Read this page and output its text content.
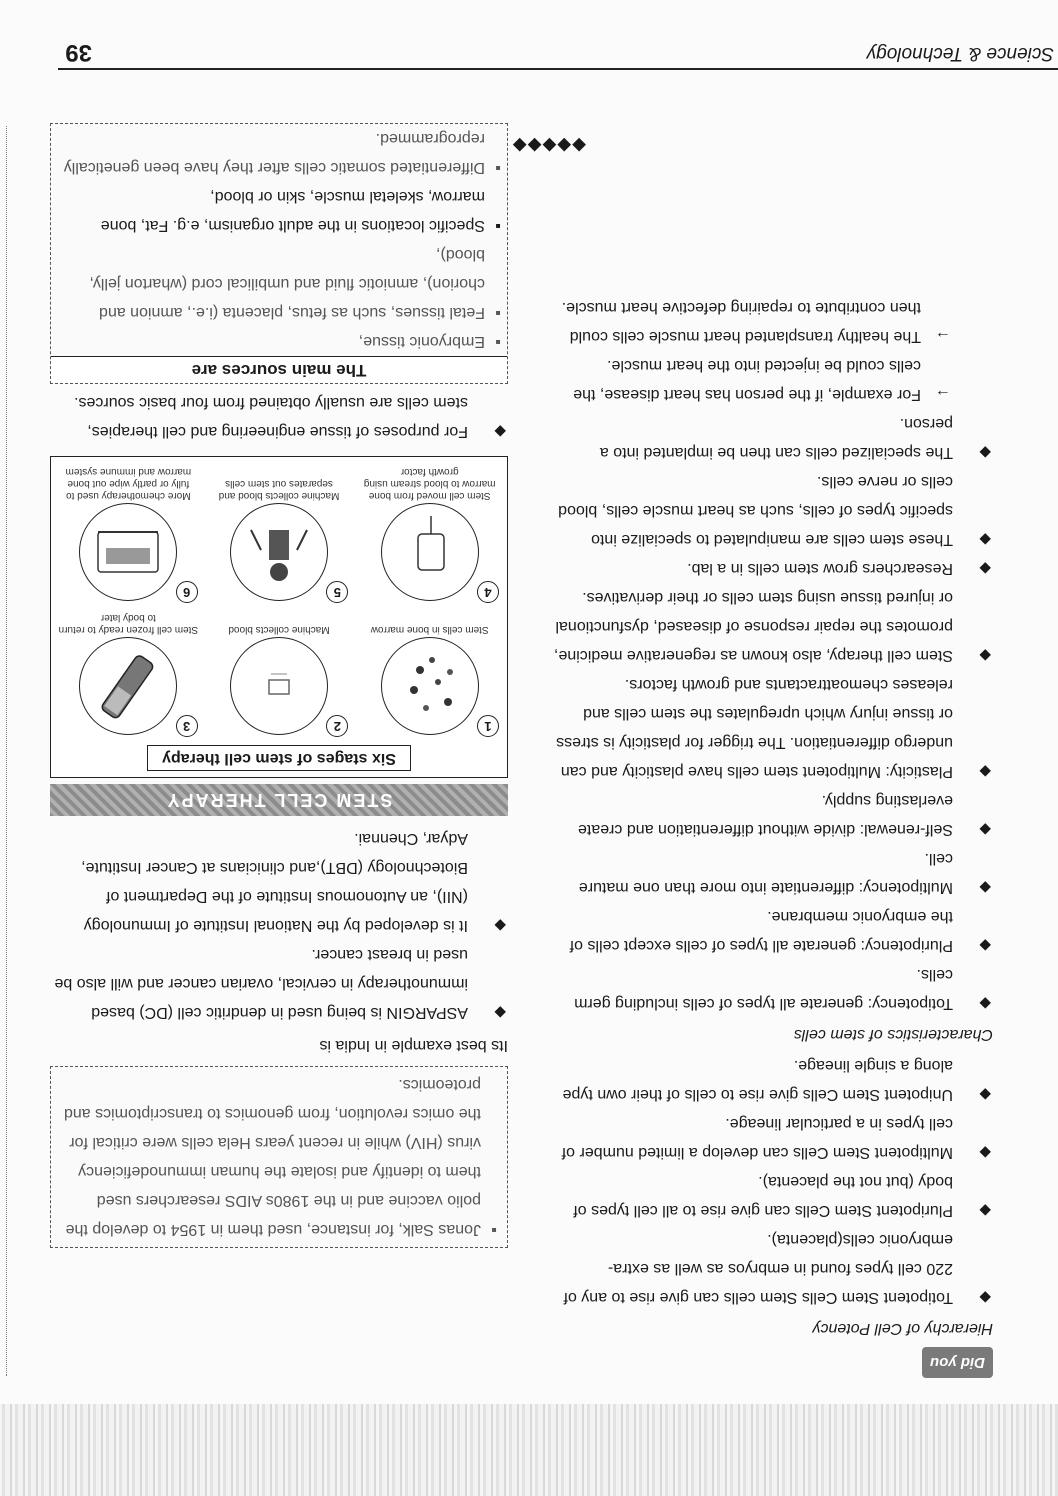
Did you
Hierarchy of Cell Potency
◆ Totipotent Stem Cells Stem cells can give rise to any of 220 cell types found in embryos as well as extra-embryonic cells(placenta).
◆ Pluripotent Stem Cells can give rise to all cell types of body (but not the placenta).
◆ Multipotent Stem Cells can develop a limited number of cell types in a particular lineage.
◆ Unipotent Stem Cells give rise to cells of their own type along a single lineage.
Characteristics of stem cells
◆ Totipotency: generate all types of cells including germ cells.
◆ Pluripotency: generate all types of cells except cells of the embryonic membrane.
◆ Multipotency: differentiate into more than one mature cell.
◆ Self-renewal: divide without differentiation and create everlasting supply.
◆ Plasticity: Multipotent stem cells have plasticity and can undergo differentiation. The trigger for plasticity is stress or tissue injury which upregulates the stem cells and releases chemoattractants and growth factors.
◆ Stem cell therapy, also known as regenerative medicine, promotes the repair response of diseased, dysfunctional or injured tissue using stem cells or their derivatives.
◆ Researchers grow stem cells in a lab.
◆ These stem cells are manipulated to specialize into specific types of cells, such as heart muscle cells, blood cells or nerve cells.
◆ The specialized cells can then be implanted into a person.
→ For example, if the person has heart disease, the cells could be injected into the heart muscle.
→ The healthy transplanted heart muscle cells could then contribute to repairing defective heart muscle.
▪ Jonas Salk, for instance, used them in 1954 to develop the polio vaccine and in the 1980s AIDS researchers used them to identify and isolate the human immunodeficiency virus (HIV) while in recent years Hela cells were critical for the omics revolution, from genomics to transcriptomics and proteomics.
Its best example in India is
◆ ASPARGIN is being used in dendritic cell (DC) based immunotherapy in cervical, ovarian cancer and will also be used in breast cancer.
◆ It is developed by the National Institute of Immunology (NII), an Autonomous Institute of the Department of Biotechnology (DBT),and clinicians at Cancer Institute, Adyar, Chennai.
STEM CELL THERAPY
Six stages of stem cell therapy
1
Stem cells in bone marrow
2
Machine collects blood
3
Stem cell frozen ready to return to body later
4
Stem cell moved from bone marrow to blood stream using growth factor
5
Machine collects blood and separates out stem cells
6
More chemotherapy used to fully or partly wipe out bone marrow and immune system
◆ For purposes of tissue engineering and cell therapies, stem cells are usually obtained from four basic sources.
The main sources are
▪ Embryonic tissue,
▪ Fetal tissues, such as fetus, placenta (i.e., amnion and chorion), amniotic fluid and umbilical cord (wharton jelly, blood),
▪ Specific locations in the adult organism, e.g. Fat, bone marrow, skeletal muscle, skin or blood,
▪ Differentiated somatic cells after they have been genetically reprogrammed.	◆◆◆◆◆
Science & Technology
39
